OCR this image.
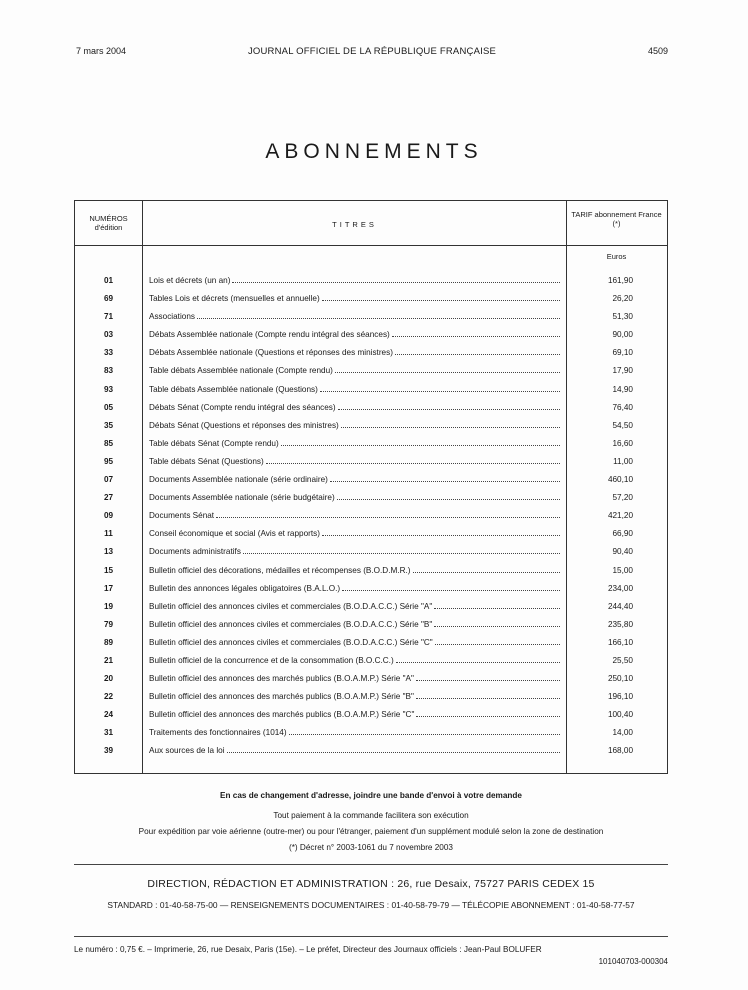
7 mars 2004	JOURNAL OFFICIEL DE LA RÉPUBLIQUE FRANÇAISE	4509
ABONNEMENTS
NUMÉROS d'édition	TITRES
TARIF abonnement France (*)
Euros
01	Lois et décrets (un an)	161,90
69	Tables Lois et décrets (mensuelles et annuelle)	26,20
71	Associations	51,30
03	Débats Assemblée nationale (Compte rendu intégral des séances)	90,00
33	Débats Assemblée nationale (Questions et réponses des ministres)	69,10
83	Table débats Assemblée nationale (Compte rendu)	17,90
93	Table débats Assemblée nationale (Questions)	14,90
05	Débats Sénat (Compte rendu intégral des séances)	76,40
35	Débats Sénat (Questions et réponses des ministres)	54,50
85	Table débats Sénat (Compte rendu)	16,60
95	Table débats Sénat (Questions)	11,00
07	Documents Assemblée nationale (série ordinaire)	460,10
27	Documents Assemblée nationale (série budgétaire)	57,20
09	Documents Sénat	421,20
11	Conseil économique et social (Avis et rapports)	66,90
13	Documents administratifs	90,40
15	Bulletin officiel des décorations, médailles et récompenses (B.O.D.M.R.)	15,00
17	Bulletin des annonces légales obligatoires (B.A.L.O.)	234,00
19	Bulletin officiel des annonces civiles et commerciales (B.O.D.A.C.C.) Série "A"	244,40
79	Bulletin officiel des annonces civiles et commerciales (B.O.D.A.C.C.) Série "B"	235,80
89	Bulletin officiel des annonces civiles et commerciales (B.O.D.A.C.C.) Série "C"	166,10
21	Bulletin officiel de la concurrence et de la consommation (B.O.C.C.)	25,50
20	Bulletin officiel des annonces des marchés publics (B.O.A.M.P.) Série "A"	250,10
22	Bulletin officiel des annonces des marchés publics (B.O.A.M.P.) Série "B"	196,10
24	Bulletin officiel des annonces des marchés publics (B.O.A.M.P.) Série "C"	100,40
31	Traitements des fonctionnaires (1014)	14,00
39	Aux sources de la loi	168,00
En cas de changement d'adresse, joindre une bande d'envoi à votre demande
Tout paiement à la commande facilitera son exécution
Pour expédition par voie aérienne (outre-mer) ou pour l'étranger, paiement d'un supplément modulé selon la zone de destination
(*) Décret n° 2003-1061 du 7 novembre 2003
DIRECTION, RÉDACTION ET ADMINISTRATION : 26, rue Desaix, 75727 PARIS CEDEX 15
STANDARD : 01-40-58-75-00 — RENSEIGNEMENTS DOCUMENTAIRES : 01-40-58-79-79 — TÉLÉCOPIE ABONNEMENT : 01-40-58-77-57
Le numéro : 0,75 €. – Imprimerie, 26, rue Desaix, Paris (15e). – Le préfet, Directeur des Journaux officiels : Jean-Paul BOLUFER
101040703-000304
